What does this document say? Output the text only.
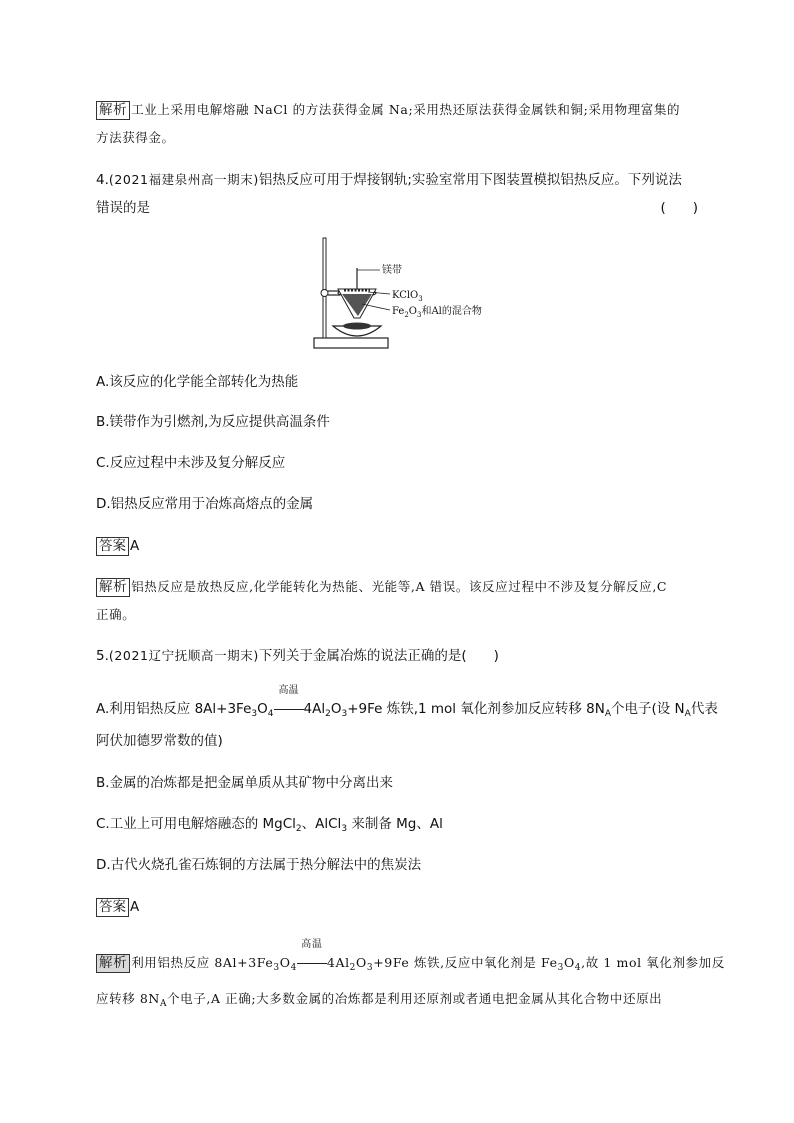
解析 工业上采用电解熔融 NaCl 的方法获得金属 Na;采用热还原法获得金属铁和铜;采用物理富集的
方法获得金。
4.(2021福建泉州高一期末)铝热反应可用于焊接钢轨;实验室常用下图装置模拟铝热反应。下列说法
错误的是	(　　)
镁带
KClO$_3$
$Fe_2O_3$和Al的混合物
A.该反应的化学能全部转化为热能
B.镁带作为引燃剂,为反应提供高温条件
C.反应过程中未涉及复分解反应
D.铝热反应常用于冶炼高熔点的金属
答案 A
解析 铝热反应是放热反应,化学能转化为热能、光能等,A 错误。该反应过程中不涉及复分解反应,C
正确。
5.(2021辽宁抚顺高一期末)下列关于金属冶炼的说法正确的是(　　)
A.利用铝热反应 $8Al+3Fe_3O_4$
高温
$4Al_2O_3+9Fe$ 炼铁,1 mol 氧化剂参加反应转移 $8N_A$个电子(设 $N_A$代表
阿伏加德罗常数的值)
B.金属的冶炼都是把金属单质从其矿物中分离出来
C.工业上可用电解熔融态的 MgCl$_2$、AlCl$_3$ 来制备 Mg、Al
D.古代火烧孔雀石炼铜的方法属于热分解法中的焦炭法
答案 A
解析 利用铝热反应 $8Al+3Fe_3O_4$
高温
$4Al_2O_3+9Fe$ 炼铁,反应中氧化剂是 $Fe_3O_4$,故 1 mol 氧化剂参加反
应转移 $8N_A$个电子,A 正确;大多数金属的冶炼都是利用还原剂或者通电把金属从其化合物中还原出
